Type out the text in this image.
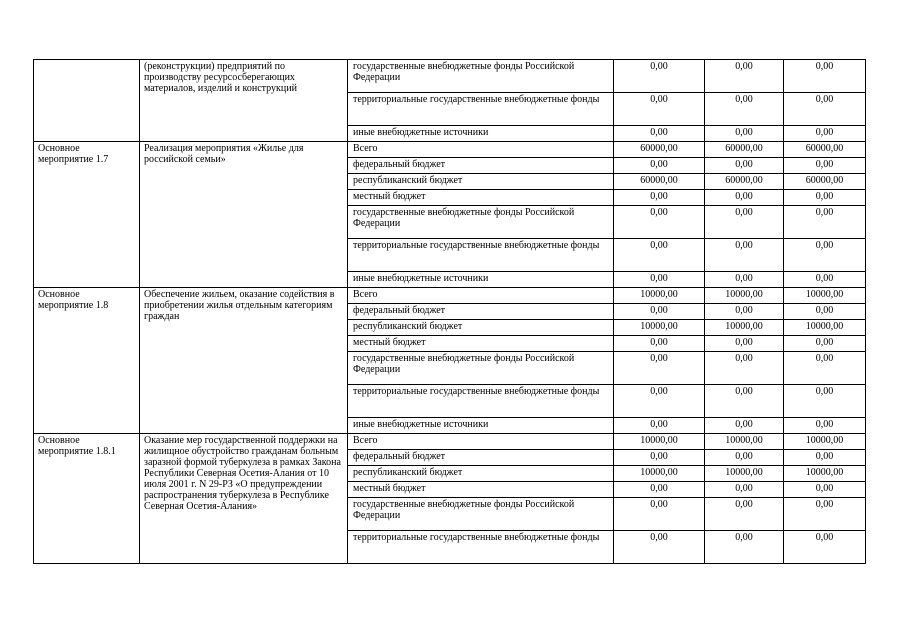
	(реконструкции) предприятий по производству ресурсосберегающих материалов, изделий и конструкций	государственные внебюджетные фонды Российской Федерации	0,00	0,00	0,00
		территориальные государственные внебюджетные фонды	0,00	0,00	0,00
		иные внебюджетные источники	0,00	0,00	0,00
Основное мероприятие 1.7	Реализация мероприятия «Жилье для российской семьи»	Всего	60000,00	60000,00	60000,00
		федеральный бюджет	0,00	0,00	0,00
		республиканский бюджет	60000,00	60000,00	60000,00
		местный бюджет	0,00	0,00	0,00
		государственные внебюджетные фонды Российской Федерации	0,00	0,00	0,00
		территориальные государственные внебюджетные фонды	0,00	0,00	0,00
		иные внебюджетные источники	0,00	0,00	0,00
Основное мероприятие 1.8	Обеспечение жильем, оказание содействия в приобретении жилья отдельным категориям граждан	Всего	10000,00	10000,00	10000,00
		федеральный бюджет	0,00	0,00	0,00
		республиканский бюджет	10000,00	10000,00	10000,00
		местный бюджет	0,00	0,00	0,00
		государственные внебюджетные фонды Российской Федерации	0,00	0,00	0,00
		территориальные государственные внебюджетные фонды	0,00	0,00	0,00
		иные внебюджетные источники	0,00	0,00	0,00
Основное мероприятие 1.8.1	Оказание мер государственной поддержки на жилищное обустройство гражданам больным заразной формой туберкулеза в рамках Закона Республики Северная Осетия-Алания от 10 июля 2001 г. N 29-РЗ «О предупреждении распространения туберкулеза в Республике Северная Осетия-Алания»	Всего	10000,00	10000,00	10000,00
		федеральный бюджет	0,00	0,00	0,00
		республиканский бюджет	10000,00	10000,00	10000,00
		местный бюджет	0,00	0,00	0,00
		государственные внебюджетные фонды Российской Федерации	0,00	0,00	0,00
		территориальные государственные внебюджетные фонды	0,00	0,00	0,00
